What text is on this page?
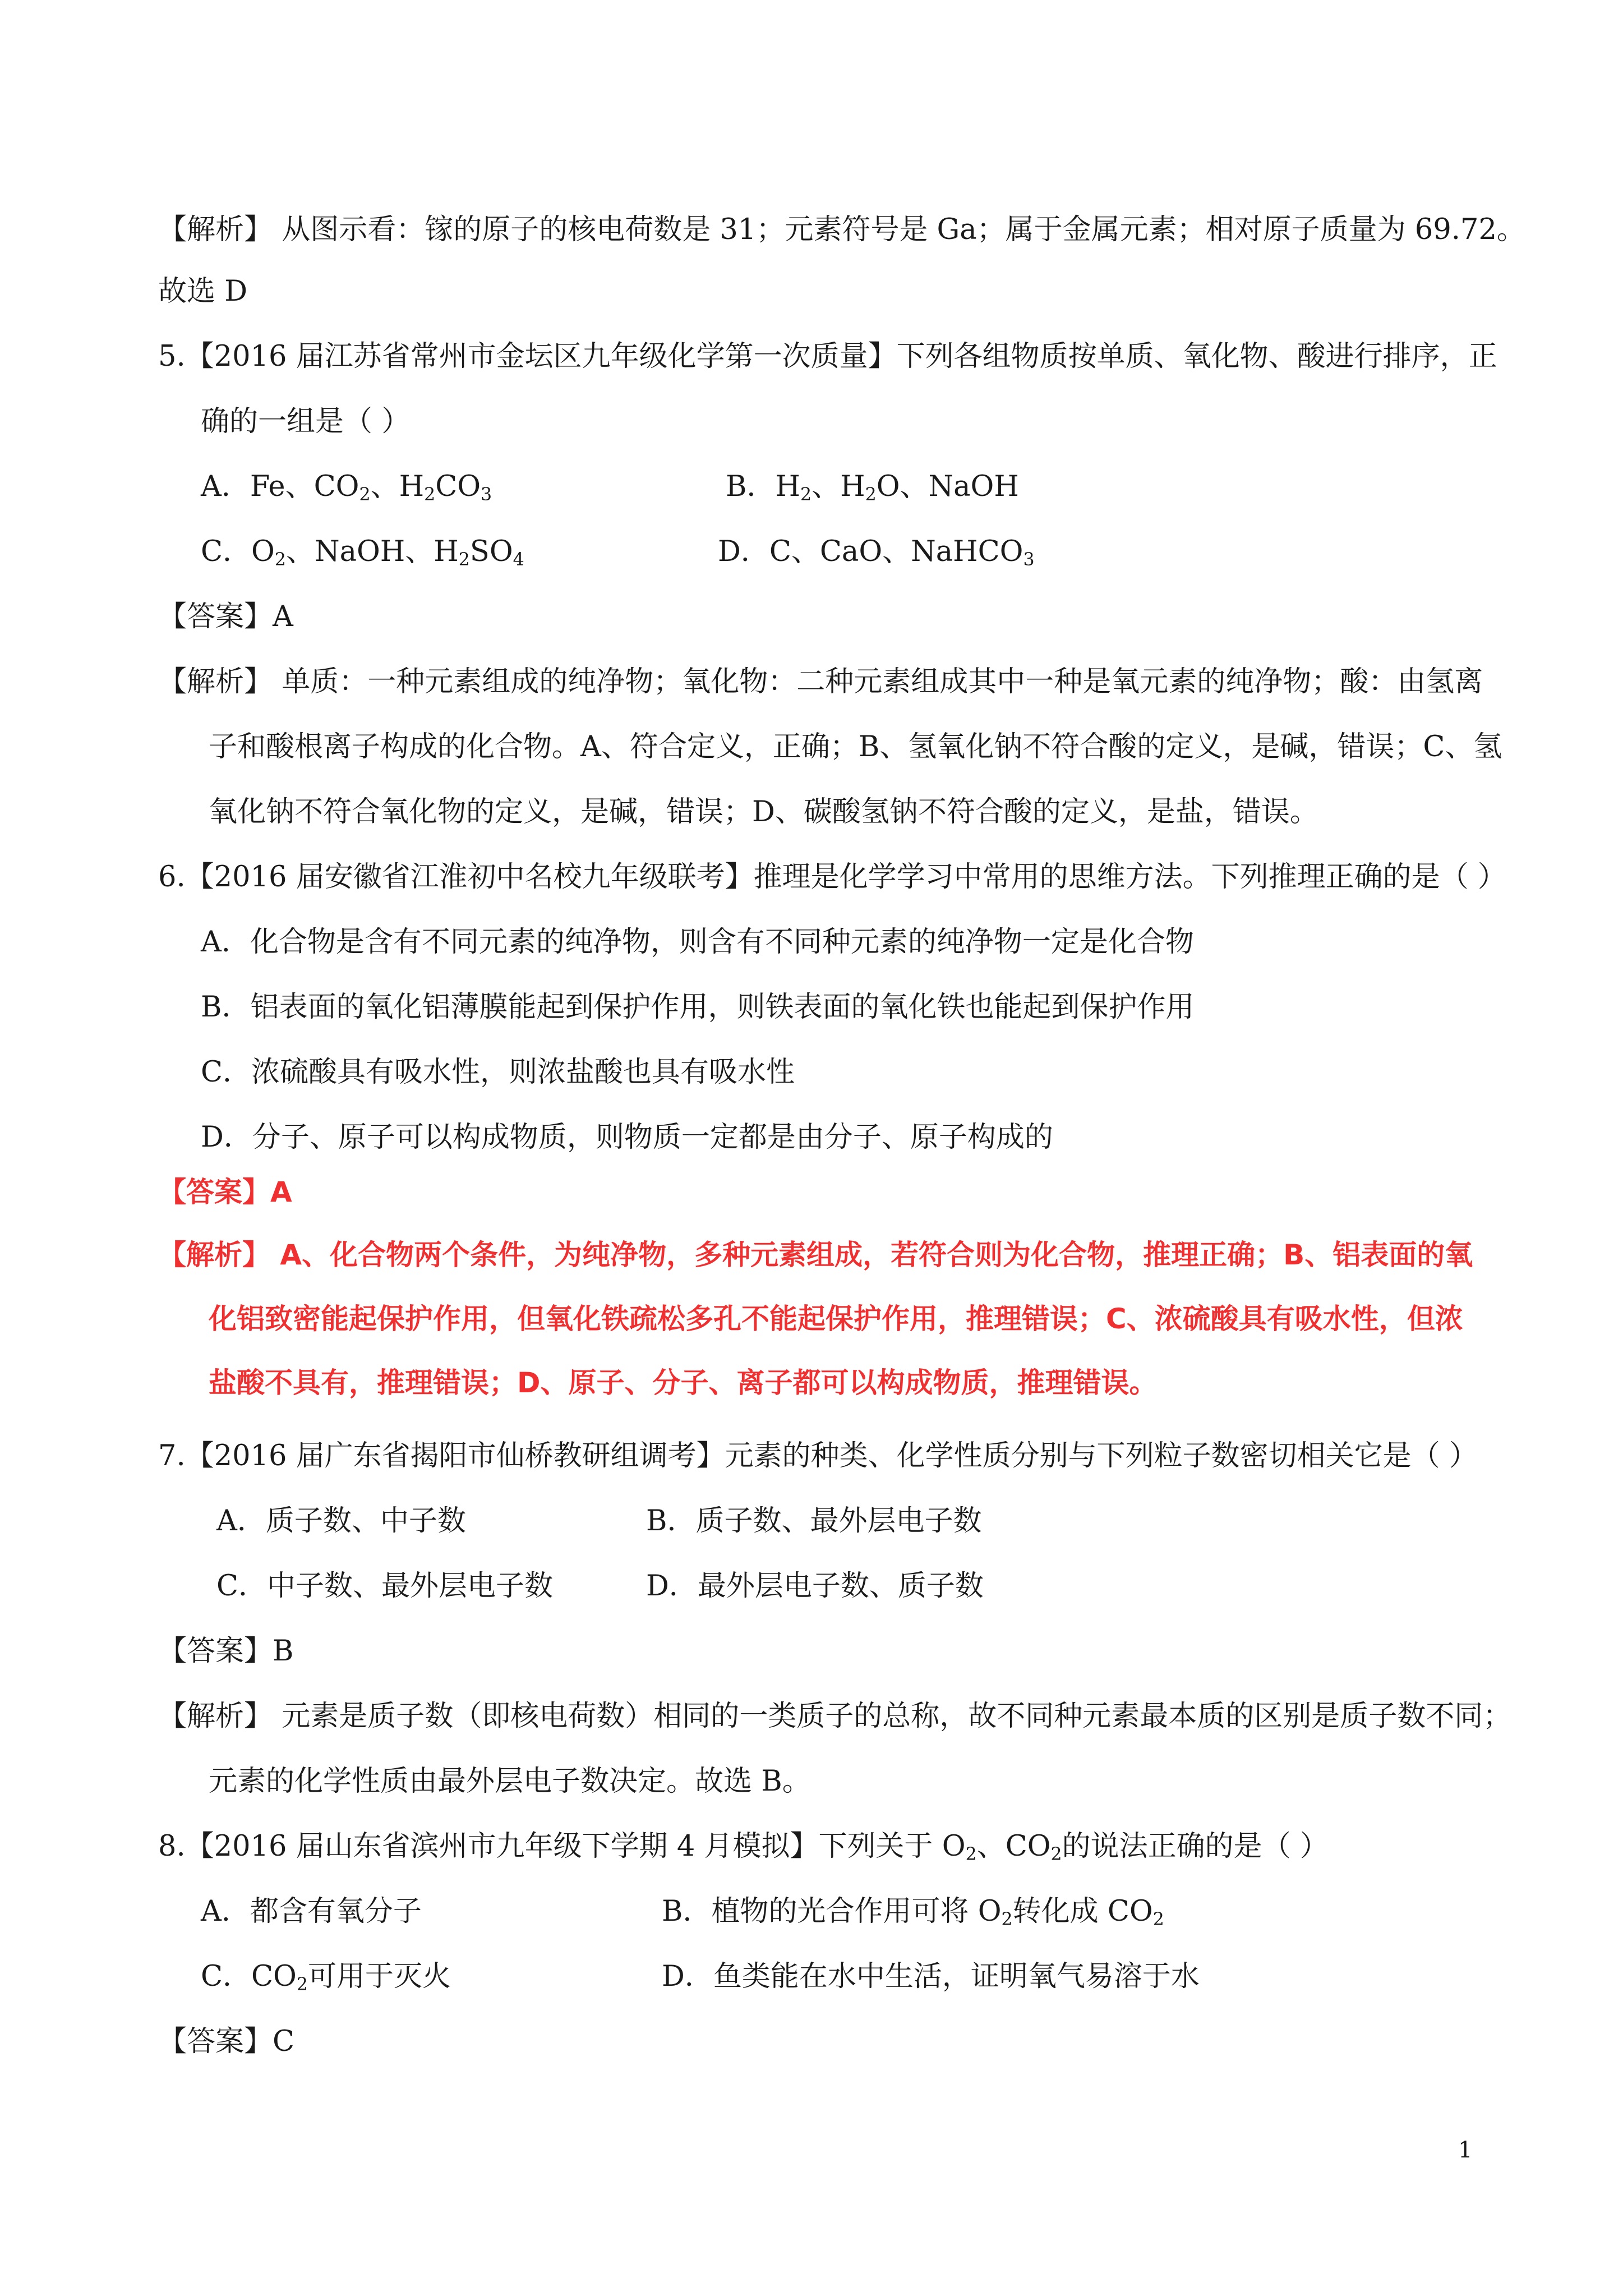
【解析】 从图示看：镓的原子的核电荷数是 31；元素符号是 Ga；属于金属元素；相对原子质量为 69.72。
故选 D
5.【2016 届江苏省常州市金坛区九年级化学第一次质量】下列各组物质按单质、氧化物、酸进行排序，正
确的一组是（ ）
A．Fe、$CO_2$、$H_2CO_3$	B．$H_2$、$H_2O$、NaOH
C．$O_2$、NaOH、$H_2SO_4$	D．C、CaO、NaHCO$_3$
【答案】A
【解析】 单质：一种元素组成的纯净物；氧化物：二种元素组成其中一种是氧元素的纯净物；酸：由氢离
子和酸根离子构成的化合物。A、符合定义，正确；B、氢氧化钠不符合酸的定义，是碱，错误；C、氢
氧化钠不符合氧化物的定义，是碱，错误；D、碳酸氢钠不符合酸的定义，是盐，错误。
6.【2016 届安徽省江淮初中名校九年级联考】推理是化学学习中常用的思维方法。下列推理正确的是（ ）
A．化合物是含有不同元素的纯净物，则含有不同种元素的纯净物一定是化合物
B．铝表面的氧化铝薄膜能起到保护作用，则铁表面的氧化铁也能起到保护作用
C．浓硫酸具有吸水性，则浓盐酸也具有吸水性
D．分子、原子可以构成物质，则物质一定都是由分子、原子构成的
【答案】A
【解析】 A、化合物两个条件，为纯净物，多种元素组成，若符合则为化合物，推理正确；B、铝表面的氧
化铝致密能起保护作用，但氧化铁疏松多孔不能起保护作用，推理错误；C、浓硫酸具有吸水性，但浓
盐酸不具有，推理错误；D、原子、分子、离子都可以构成物质，推理错误。
7.【2016 届广东省揭阳市仙桥教研组调考】元素的种类、化学性质分别与下列粒子数密切相关它是（ ）
A．质子数、中子数	B．质子数、最外层电子数
C．中子数、最外层电子数	D．最外层电子数、质子数
【答案】B
【解析】 元素是质子数（即核电荷数）相同的一类质子的总称，故不同种元素最本质的区别是质子数不同；
元素的化学性质由最外层电子数决定。故选 B。
8.【2016 届山东省滨州市九年级下学期 4 月模拟】下列关于 $O_2$、$CO_2$的说法正确的是（ ）
A．都含有氧分子	B．植物的光合作用可将 $O_2$转化成 $CO_2$
C．$CO_2$可用于灭火	D．鱼类能在水中生活，证明氧气易溶于水
【答案】C
1
